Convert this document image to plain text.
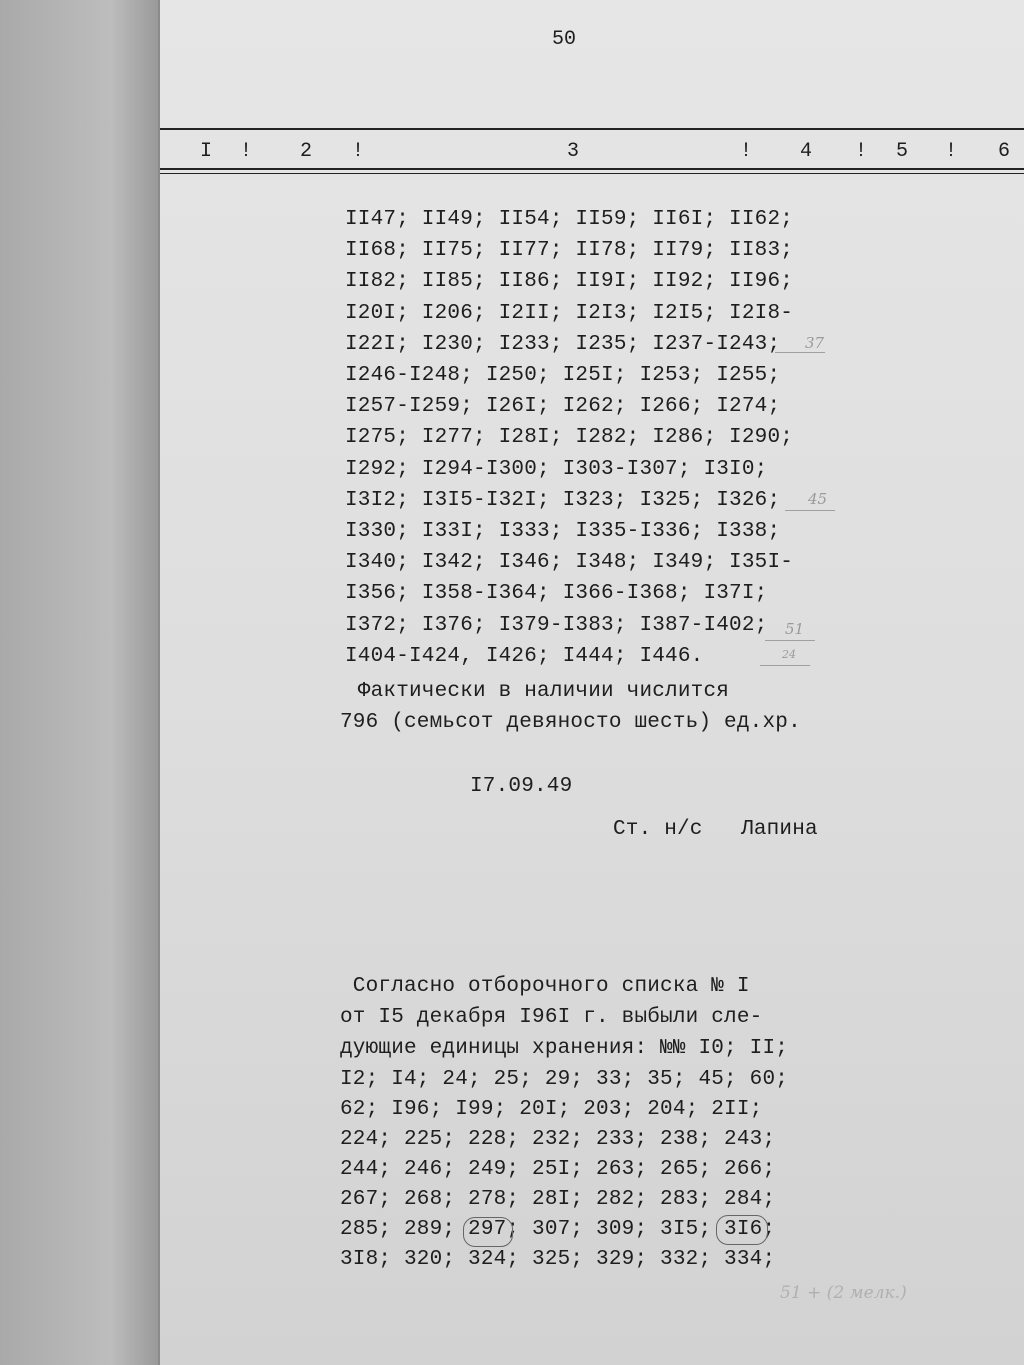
50
I ! 2 !	3	! 4 ! 5 ! 6
II47; II49; II54; II59; II6I; II62;
II68; II75; II77; II78; II79; II83;
II82; II85; II86; II9I; II92; II96;
I20I; I206; I2II; I2I3; I2I5; I2I8-
I22I; I230; I233; I235; I237-I243;
I246-I248; I250; I25I; I253; I255;
I257-I259; I26I; I262; I266; I274;
I275; I277; I28I; I282; I286; I290;
I292; I294-I300; I303-I307; I3I0;
I3I2; I3I5-I32I; I323; I325; I326;
I330; I33I; I333; I335-I336; I338;
I340; I342; I346; I348; I349; I35I-
I356; I358-I364; I366-I368; I37I;
I372; I376; I379-I383; I387-I402;
I404-I424, I426; I444; I446.
Фактически в наличии числится
796 (семьсот девяносто шесть) ед.хр.
I7.09.49
Ст. н/с   Лапина
Согласно отборочного списка № I
от I5 декабря I96I г. выбыли сле-
дующие единицы хранения: №№ I0; II;
I2; I4; 24; 25; 29; 33; 35; 45; 60;
62; I96; I99; 20I; 203; 204; 2II;
224; 225; 228; 232; 233; 238; 243;
244; 246; 249; 25I; 263; 265; 266;
267; 268; 278; 28I; 282; 283; 284;
285; 289; 297; 307; 309; 3I5; 3I6;
3I8; 320; 324; 325; 329; 332; 334;
37
45
51
24
51 + (2 мелк.)
